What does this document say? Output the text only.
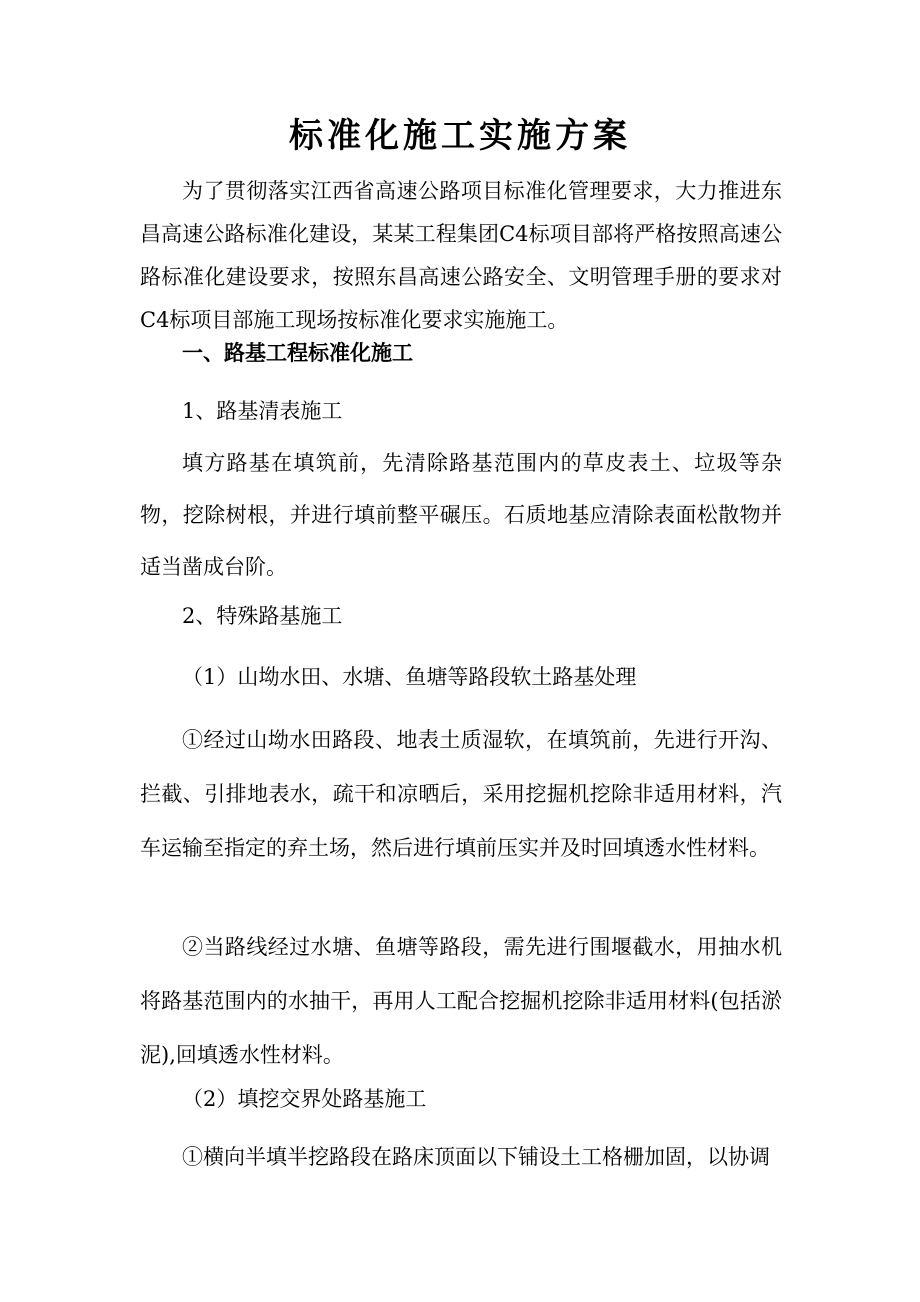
标准化施工实施方案

为了贯彻落实江西省高速公路项目标准化管理要求，大力推进东昌高速公路标准化建设，某某工程集团C4标项目部将严格按照高速公路标准化建设要求，按照东昌高速公路安全、文明管理手册的要求对C4标项目部施工现场按标准化要求实施施工。

一、路基工程标准化施工

1、路基清表施工

填方路基在填筑前，先清除路基范围内的草皮表土、垃圾等杂物，挖除树根，并进行填前整平碾压。石质地基应清除表面松散物并适当凿成台阶。

2、特殊路基施工

（1）山坳水田、水塘、鱼塘等路段软土路基处理

①经过山坳水田路段、地表土质湿软，在填筑前，先进行开沟、拦截、引排地表水，疏干和凉晒后，采用挖掘机挖除非适用材料，汽车运输至指定的弃土场，然后进行填前压实并及时回填透水性材料。

②当路线经过水塘、鱼塘等路段，需先进行围堰截水，用抽水机将路基范围内的水抽干，再用人工配合挖掘机挖除非适用材料(包括淤泥),回填透水性材料。

（2）填挖交界处路基施工

①横向半填半挖路段在路床顶面以下铺设土工格栅加固，以协调
